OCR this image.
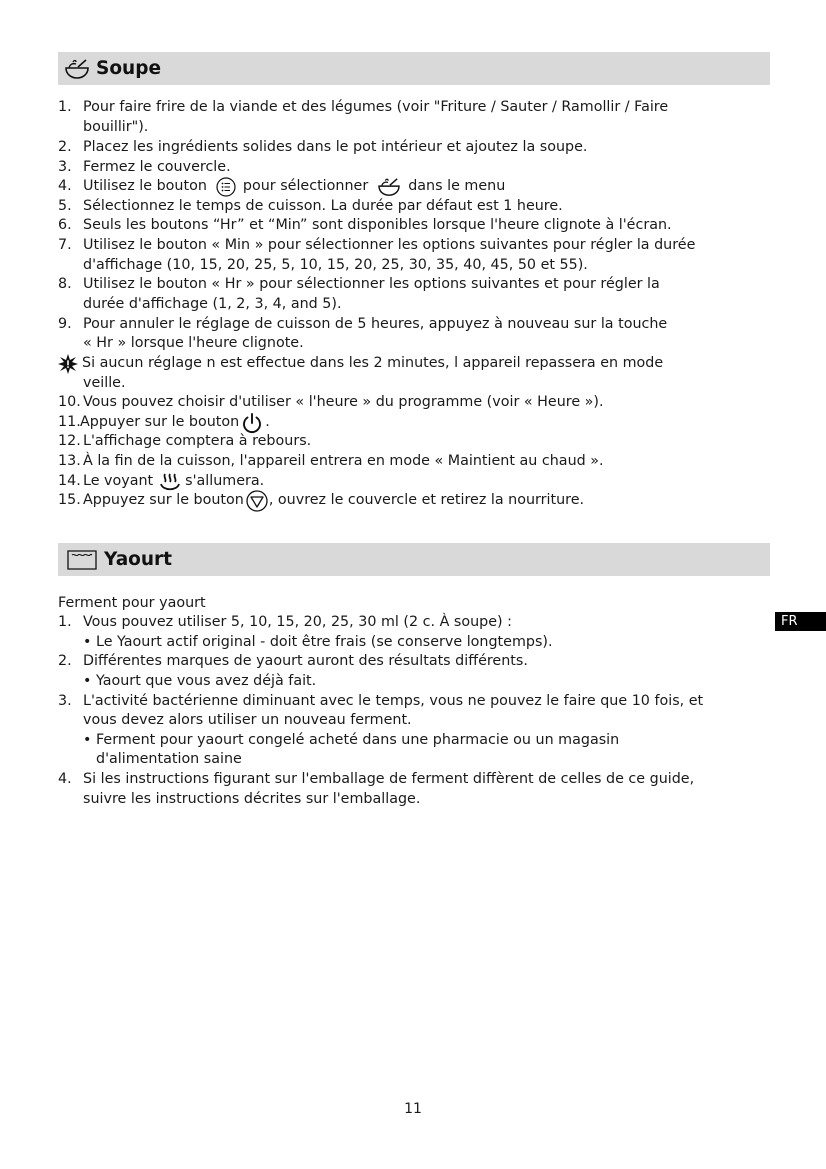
Soupe
1. Pour faire frire de la viande et des légumes (voir "Friture / Sauter / Ramollir / Faire
bouillir").
2. Placez les ingrédients solides dans le pot intérieur et ajoutez la soupe.
3. Fermez le couvercle.
4. Utilisez le bouton	pour sélectionner	dans le menu
5. Sélectionnez le temps de cuisson. La durée par défaut est 1 heure.
6. Seuls les boutons “Hr” et “Min” sont disponibles lorsque l'heure clignote à l'écran.
7. Utilisez le bouton « Min » pour sélectionner les options suivantes pour régler la durée
d'affichage (10, 15, 20, 25, 5, 10, 15, 20, 25, 30, 35, 40, 45, 50 et 55).
8. Utilisez le bouton « Hr » pour sélectionner les options suivantes et pour régler la
durée d'affichage (1, 2, 3, 4, and 5).
9. Pour annuler le réglage de cuisson de 5 heures, appuyez à nouveau sur la touche
« Hr » lorsque l'heure clignote.
Si aucun réglage n est effectue dans les 2 minutes, l appareil repassera en mode
veille.
10. Vous pouvez choisir d'utiliser « l'heure » du programme (voir « Heure »).
11. Appuyer sur le bouton .
12. L'affichage comptera à rebours.
13. À la fin de la cuisson, l'appareil entrera en mode « Maintient au chaud ».
14. Le voyant s'allumera.
15. Appuyez sur le bouton , ouvrez le couvercle et retirez la nourriture.
Yaourt
Ferment pour yaourt
1. Vous pouvez utiliser 5, 10, 15, 20, 25, 30 ml (2 c. À soupe) :
• Le Yaourt actif original - doit être frais (se conserve longtemps).
2. Différentes marques de yaourt auront des résultats différents.
• Yaourt que vous avez déjà fait.
3. L'activité bactérienne diminuant avec le temps, vous ne pouvez le faire que 10 fois, et
vous devez alors utiliser un nouveau ferment.
• Ferment pour yaourt congelé acheté dans une pharmacie ou un magasin
d'alimentation saine
4. Si les instructions figurant sur l'emballage de ferment diffèrent de celles de ce guide,
suivre les instructions décrites sur l'emballage.
FR
11
